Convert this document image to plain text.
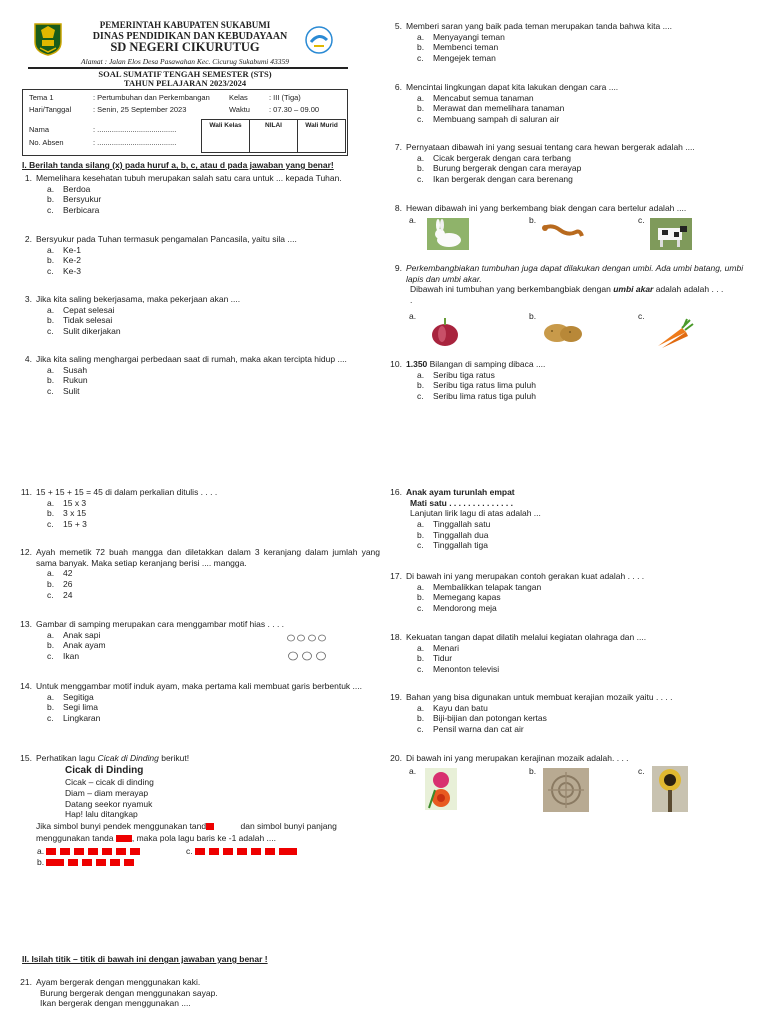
PEMERINTAH KABUPATEN SUKABUMI
DINAS PENDIDIKAN DAN KEBUDAYAAN
SD NEGERI CIKURUTUG
Alamat : Jalan Elos Desa Pasawahan Kec. Cicurug Sukabumi 43359
SOAL SUMATIF TENGAH SEMESTER (STS)
TAHUN PELAJARAN 2023/2024
Tema 1	: Pertumbuhan dan Perkembangan	Kelas	: III (Tiga)
Hari/Tanggal	: Senin, 25 September 2023	Waktu	: 07.30 – 09.00
Nama	: ......................................
No. Absen	: ......................................
Wali Kelas	NILAI	Wali Murid
I. Berilah tanda silang (x) pada huruf a, b, c, atau d pada jawaban yang benar!
1. Memelihara kesehatan tubuh merupakan salah satu cara untuk ... kepada Tuhan.
a.	Berdoa
b.	Bersyukur
c.	Berbicara
2. Bersyukur pada Tuhan termasuk pengamalan Pancasila, yaitu sila ....
a.	Ke-1
b.	Ke-2
c.	Ke-3
3. Jika kita saling bekerjasama, maka pekerjaan akan ....
a.	Cepat selesai
b.	Tidak selesai
c.	Sulit dikerjakan
4. Jika kita saling menghargai perbedaan saat di rumah, maka akan tercipta hidup ....
a.	Susah
b.	Rukun
c.	Sulit
5. Memberi saran yang baik pada teman merupakan tanda bahwa kita ....
a.	Menyayangi teman
b.	Membenci teman
c.	Mengejek teman
6. Mencintai lingkungan dapat kita lakukan dengan cara ....
a.	Mencabut semua tanaman
b.	Merawat dan memelihara tanaman
c.	Membuang sampah di saluran air
7. Pernyataan dibawah ini yang sesuai tentang cara hewan bergerak adalah ....
a.	Cicak bergerak dengan cara terbang
b.	Burung bergerak dengan cara merayap
c.	Ikan bergerak dengan cara berenang
8. Hewan dibawah ini yang berkembang biak dengan cara bertelur adalah ....
a.	b.	c.
9. Perkembangbiakan tumbuhan juga dapat dilakukan dengan umbi. Ada umbi batang, umbi lapis dan umbi akar.
Dibawah ini tumbuhan yang berkembangbiak dengan umbi akar adalah adalah . . .
.
a.	b.	c.
10. 1.350 Bilangan di samping dibaca ....
a.	Seribu tiga ratus
b.	Seribu tiga ratus lima puluh
c.	Seribu lima ratus tiga puluh
11. 15 + 15 + 15 = 45 di dalam perkalian ditulis . . . .
a.	15 x 3
b.	3 x 15
c.	15 + 3
12. Ayah memetik 72 buah mangga dan diletakkan dalam 3 keranjang dalam jumlah yang sama banyak. Maka setiap keranjang berisi .... mangga.
a.	42
b.	26
c.	24
13. Gambar di samping merupakan cara menggambar motif hias . . . .
a.	Anak sapi
b.	Anak ayam
c.	Ikan
14. Untuk menggambar motif induk ayam, maka pertama kali membuat garis berbentuk ....
a.	Segitiga
b.	Segi lima
c.	Lingkaran
15. Perhatikan lagu Cicak di Dinding berikut!
Cicak di Dinding
Cicak – cicak di dinding
Diam – diam merayap
Datang seekor nyamuk
Hap! lalu ditangkap
Jika simbol bunyi pendek menggunakan tand	dan simbol bunyi panjang
menggunakan tanda , maka pola lagu baris ke -1 adalah ....
a.
b.
c.
16. Anak ayam turunlah empat
Mati satu . . . . . . . . . . . . . .
Lanjutan lirik lagu di atas adalah ...
a.	Tinggallah satu
b.	Tinggallah dua
c.	Tinggallah tiga
17. Di bawah ini yang merupakan contoh gerakan kuat adalah . . . .
a.	Membalikkan telapak tangan
b.	Memegang kapas
c.	Mendorong meja
18. Kekuatan tangan dapat dilatih melalui kegiatan olahraga dan ....
a.	Menari
b.	Tidur
c.	Menonton televisi
19. Bahan yang bisa digunakan untuk membuat kerajian mozaik yaitu . . . .
a.	Kayu dan batu
b.	Biji-bijian dan potongan kertas
c.	Pensil warna dan cat air
20. Di bawah ini yang merupakan kerajinan mozaik adalah. . . .
a.	b.	c.
II. Isilah titik – titik di bawah ini dengan jawaban yang benar !
21. Ayam bergerak dengan menggunakan kaki.
Burung bergerak dengan menggunakan sayap.
Ikan bergerak dengan menggunakan ....
